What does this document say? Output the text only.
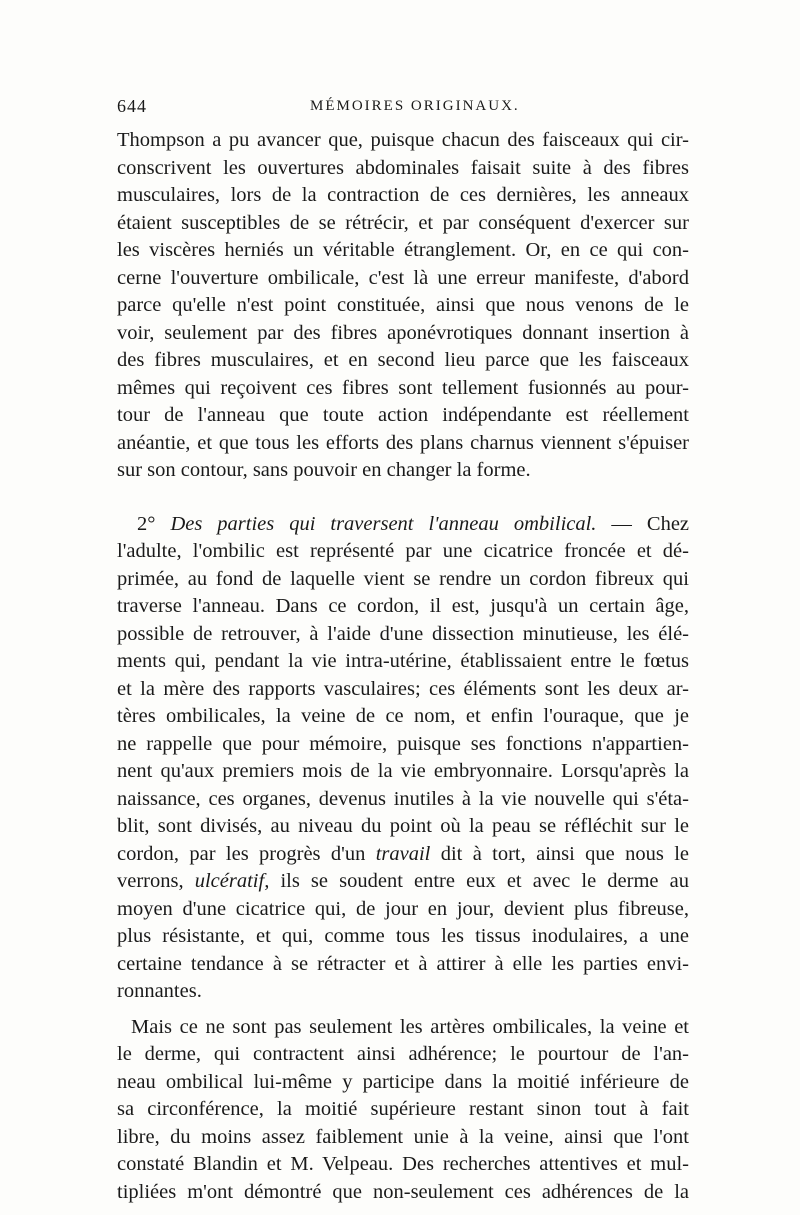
644	MÉMOIRES ORIGINAUX.
Thompson a pu avancer que, puisque chacun des faisceaux qui cir-
conscrivent les ouvertures abdominales faisait suite à des fibres
musculaires, lors de la contraction de ces dernières, les anneaux
étaient susceptibles de se rétrécir, et par conséquent d'exercer sur
les viscères herniés un véritable étranglement. Or, en ce qui con-
cerne l'ouverture ombilicale, c'est là une erreur manifeste, d'abord
parce qu'elle n'est point constituée, ainsi que nous venons de le
voir, seulement par des fibres aponévrotiques donnant insertion à
des fibres musculaires, et en second lieu parce que les faisceaux
mêmes qui reçoivent ces fibres sont tellement fusionnés au pour-
tour de l'anneau que toute action indépendante est réellement
anéantie, et que tous les efforts des plans charnus viennent s'épuiser
sur son contour, sans pouvoir en changer la forme.
2° Des parties qui traversent l'anneau ombilical. — Chez
l'adulte, l'ombilic est représenté par une cicatrice froncée et dé-
primée, au fond de laquelle vient se rendre un cordon fibreux qui
traverse l'anneau. Dans ce cordon, il est, jusqu'à un certain âge,
possible de retrouver, à l'aide d'une dissection minutieuse, les élé-
ments qui, pendant la vie intra-utérine, établissaient entre le fœtus
et la mère des rapports vasculaires; ces éléments sont les deux ar-
tères ombilicales, la veine de ce nom, et enfin l'ouraque, que je
ne rappelle que pour mémoire, puisque ses fonctions n'appartien-
nent qu'aux premiers mois de la vie embryonnaire. Lorsqu'après la
naissance, ces organes, devenus inutiles à la vie nouvelle qui s'éta-
blit, sont divisés, au niveau du point où la peau se réfléchit sur le
cordon, par les progrès d'un travail dit à tort, ainsi que nous le
verrons, ulcératif, ils se soudent entre eux et avec le derme au
moyen d'une cicatrice qui, de jour en jour, devient plus fibreuse,
plus résistante, et qui, comme tous les tissus inodulaires, a une
certaine tendance à se rétracter et à attirer à elle les parties envi-
ronnantes.
Mais ce ne sont pas seulement les artères ombilicales, la veine et
le derme, qui contractent ainsi adhérence; le pourtour de l'an-
neau ombilical lui-même y participe dans la moitié inférieure de
sa circonférence, la moitié supérieure restant sinon tout à fait
libre, du moins assez faiblement unie à la veine, ainsi que l'ont
constaté Blandin et M. Velpeau. Des recherches attentives et mul-
tipliées m'ont démontré que non-seulement ces adhérences de la
